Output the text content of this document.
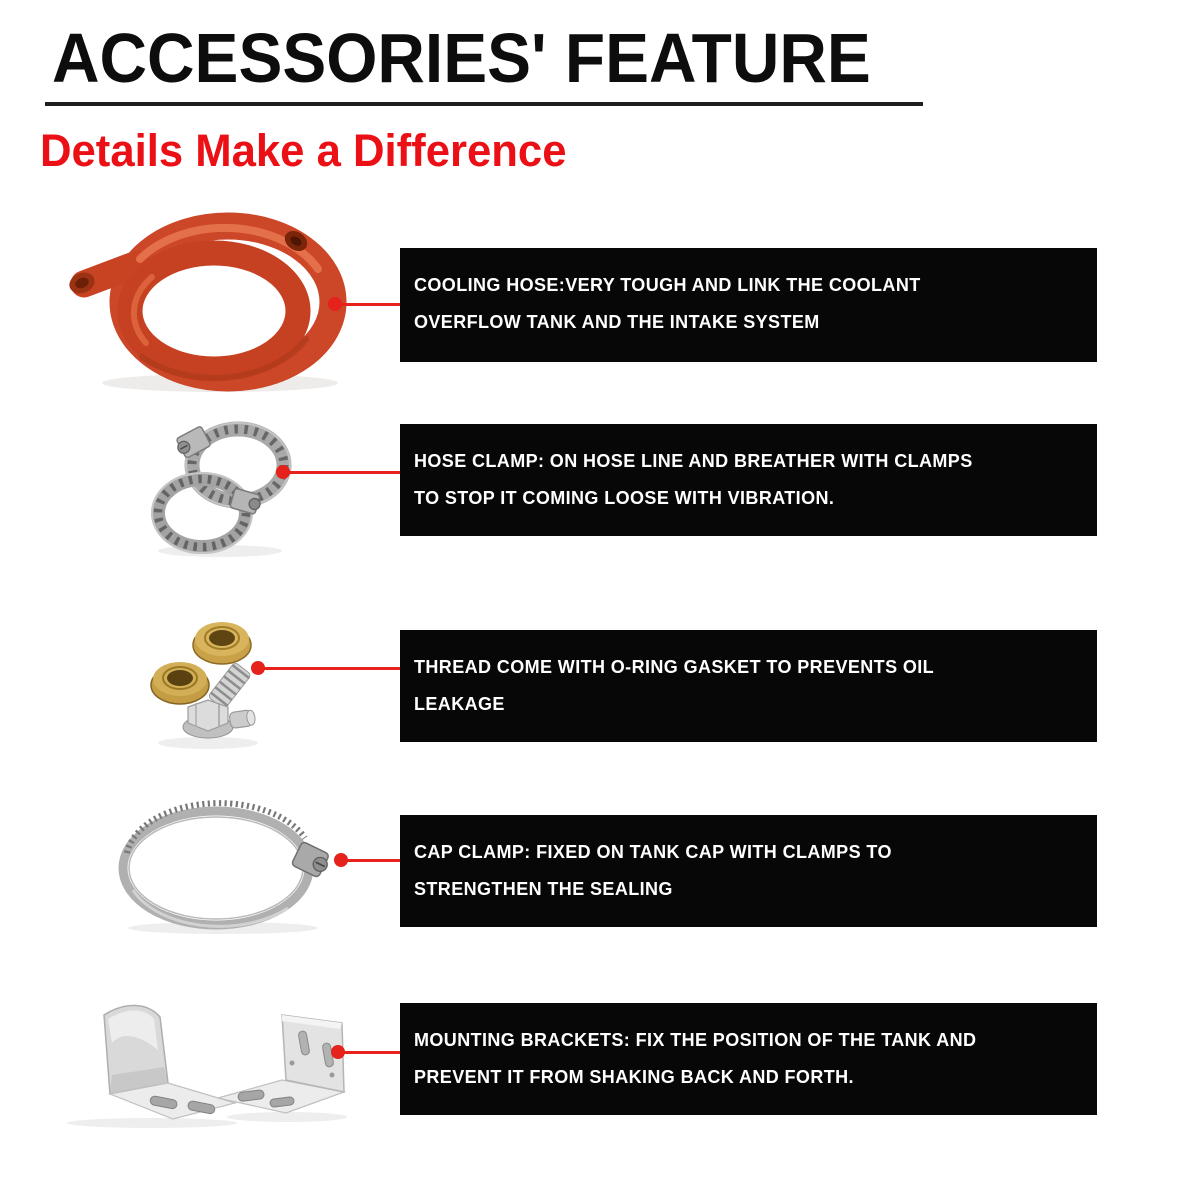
ACCESSORIES' FEATURE
Details Make a Difference
COOLING HOSE:VERY TOUGH AND LINK THE COOLANT
OVERFLOW TANK AND THE INTAKE SYSTEM
HOSE CLAMP: ON HOSE LINE AND BREATHER WITH CLAMPS
TO STOP IT COMING LOOSE WITH VIBRATION.
THREAD COME WITH O-RING GASKET TO PREVENTS OIL
LEAKAGE
CAP CLAMP: FIXED ON TANK CAP WITH CLAMPS TO
STRENGTHEN THE SEALING
MOUNTING BRACKETS: FIX THE POSITION OF THE TANK AND
PREVENT IT FROM SHAKING BACK AND FORTH.
